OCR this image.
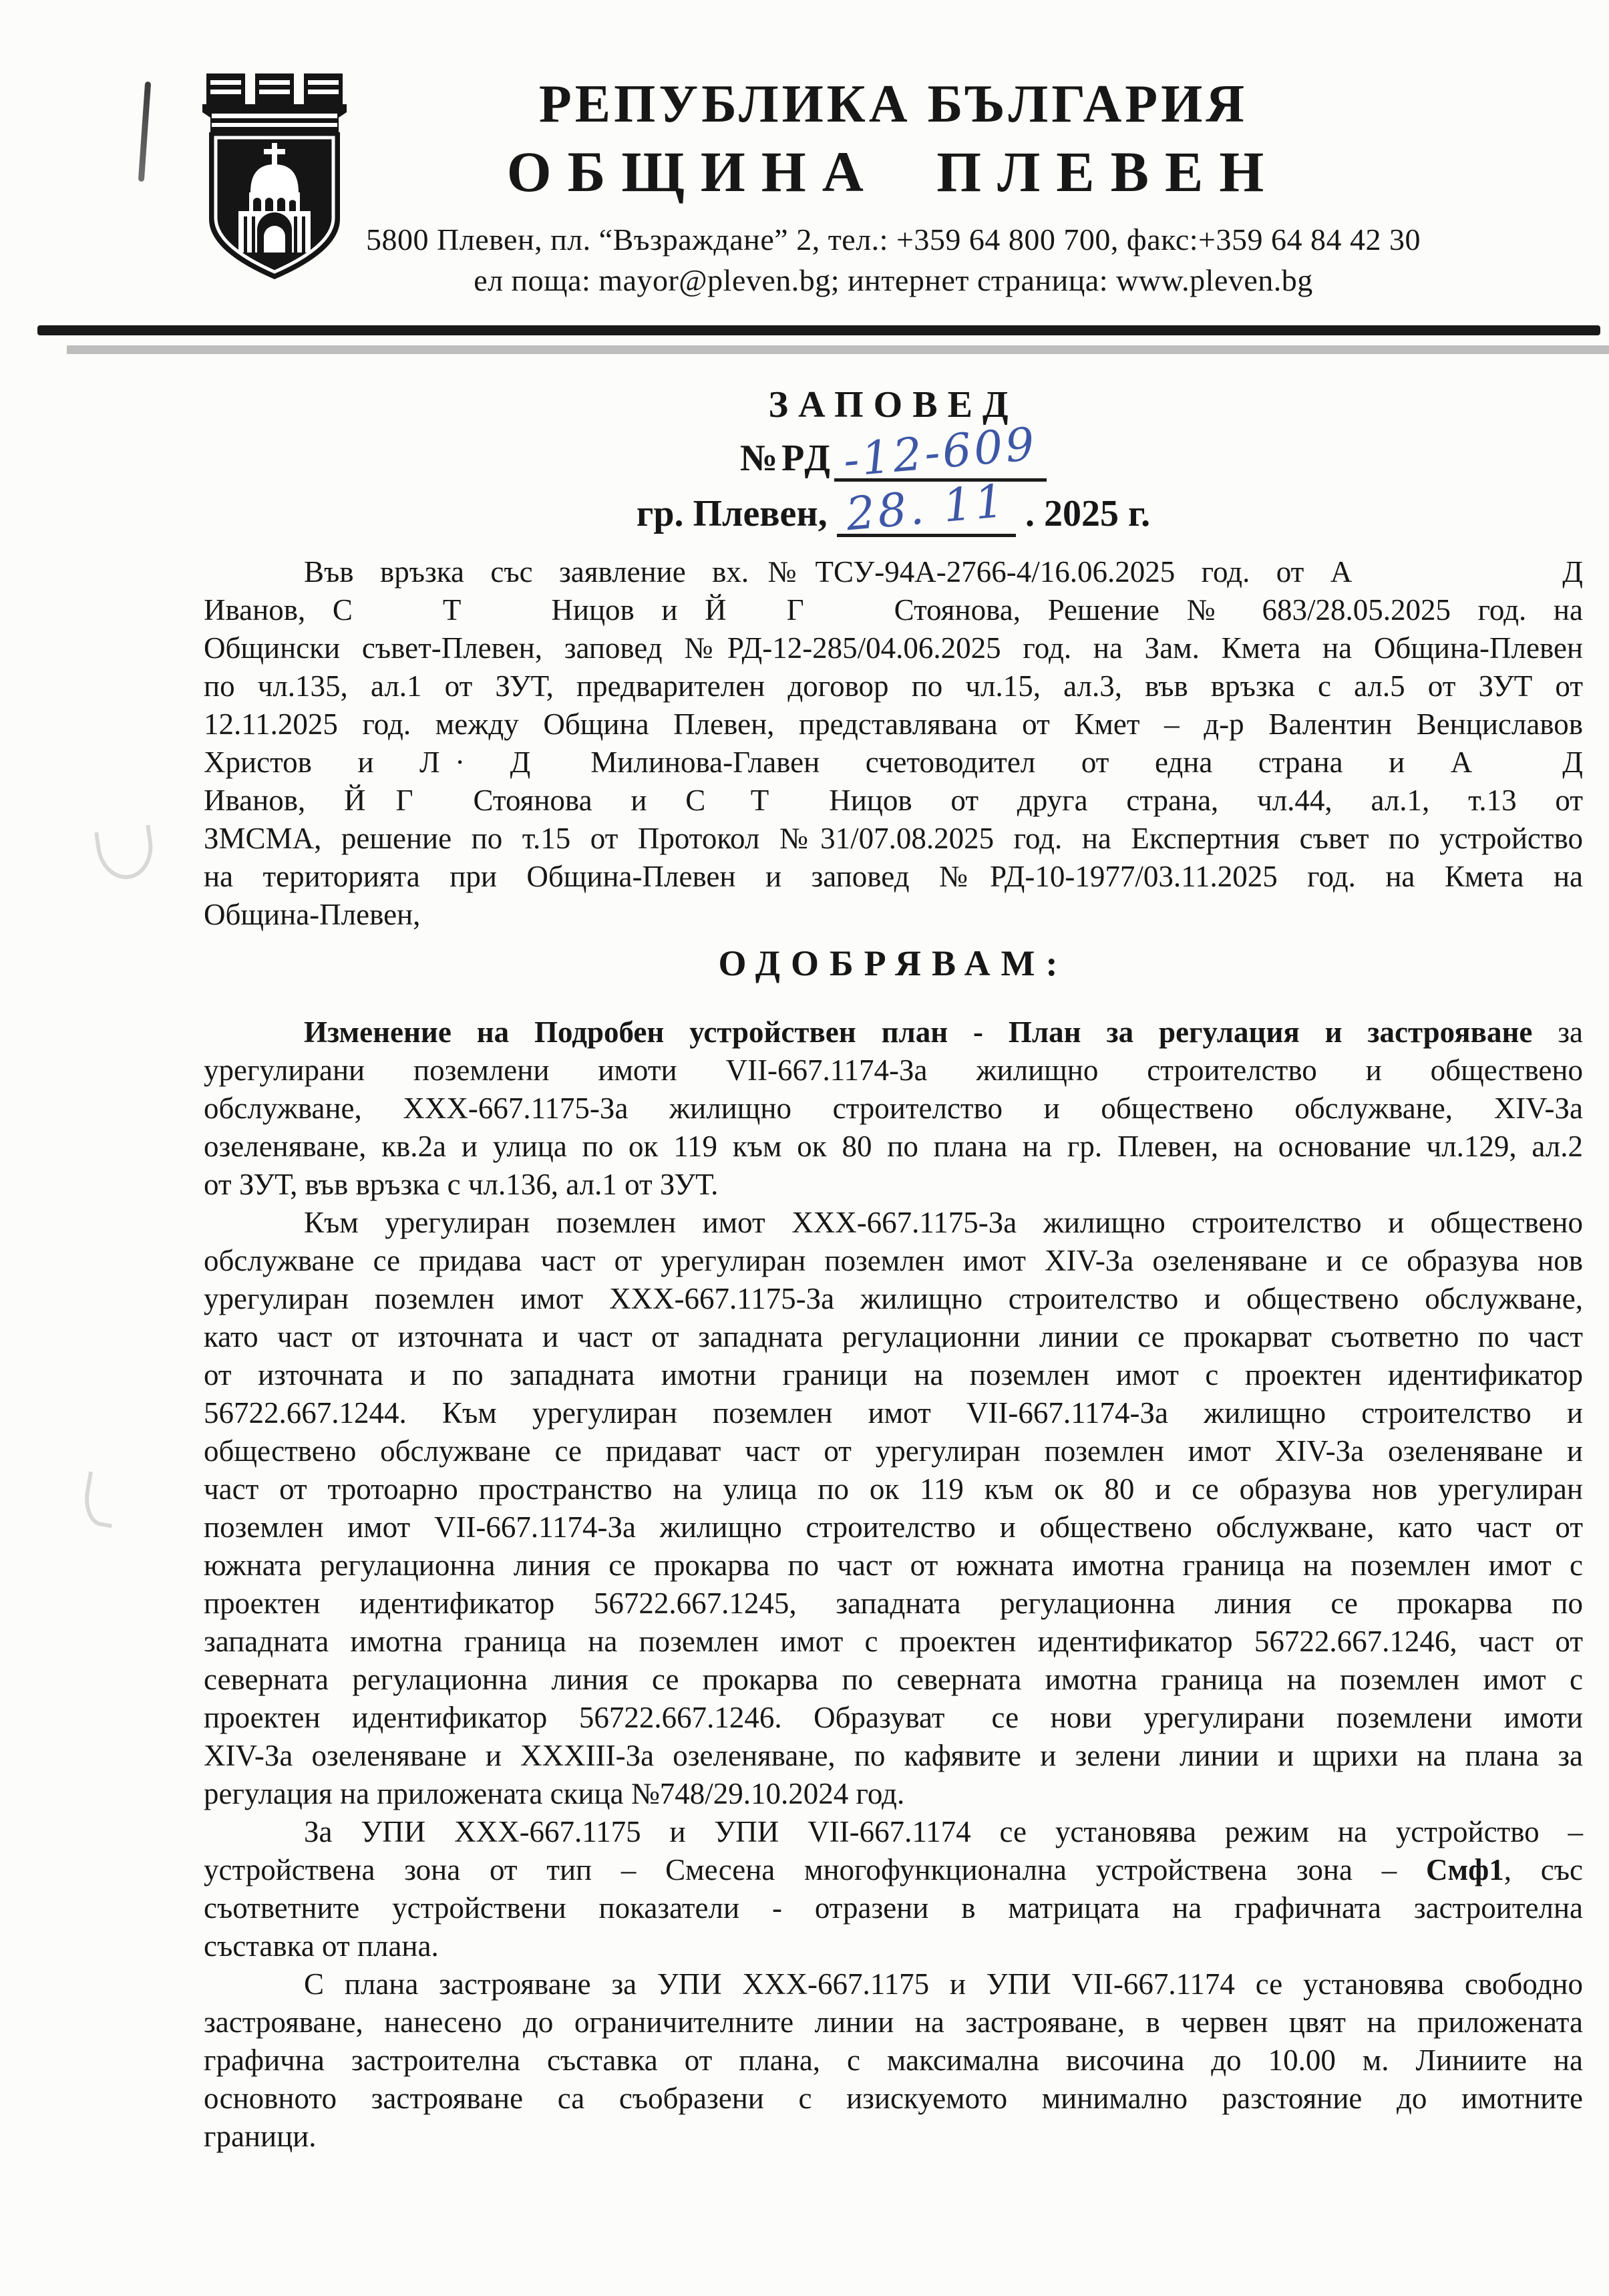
РЕПУБЛИКА БЪЛГАРИЯ
ОБЩИНА ПЛЕВЕН
5800 Плевен, пл. “Възраждане” 2, тел.: +359 64 800 700, факс:+359 64 84 42 30
ел поща: mayor@pleven.bg; интернет страница: www.pleven.bg
ЗАПОВЕД
№РД -12-609
гр. Плевен, 28. 11 . 2025 г.
Във връзка със заявление вх.№ТСУ-94А-2766-4/16.06.2025 год. от А       Д
Иванов, С   Т   Ницов и Й  Г   Стоянова, Решение № 683/28.05.2025 год. на
Общински съвет-Плевен, заповед №РД-12-285/04.06.2025 год. на Зам. Кмета на Община-Плевен
по чл.135, ал.1 от ЗУТ, предварителен договор по чл.15, ал.3, във връзка с ал.5 от ЗУТ от
12.11.2025 год. между Община Плевен, представлявана от Кмет – д-р Валентин Венциславов
Христов и Л ·  Д  Милинова-Главен счетоводител от една страна и А   Д
Иванов, Й  Г  Стоянова и С  Т   Ницов от друга страна, чл.44, ал.1, т.13 от
ЗМСМА, решение по т.15 от Протокол №31/07.08.2025 год. на Експертния съвет по устройство
на територията при Община-Плевен и заповед №РД-10-1977/03.11.2025 год. на Кмета на
Община-Плевен,
ОДОБРЯВАМ:
Изменение на Подробен устройствен план - План за регулация и застрояване за
урегулирани поземлени имоти VII-667.1174-За жилищно строителство и обществено
обслужване, XXX-667.1175-За жилищно строителство и обществено обслужване, XIV-За
озеленяване, кв.2а и улица по ок 119 към ок 80 по плана на гр. Плевен, на основание чл.129, ал.2
от ЗУТ, във връзка с чл.136, ал.1 от ЗУТ.
Към урегулиран поземлен имот XXX-667.1175-За жилищно строителство и обществено
обслужване се придава част от урегулиран поземлен имот XIV-За озеленяване и се образува нов
урегулиран поземлен имот XXX-667.1175-За жилищно строителство и обществено обслужване,
като част от източната и част от западната регулационни линии се прокарват съответно по част
от източната и по западната имотни граници на поземлен имот с проектен идентификатор
56722.667.1244. Към урегулиран поземлен имот VII-667.1174-За жилищно строителство и
обществено обслужване се придават част от урегулиран поземлен имот XIV-За озеленяване и
част от тротоарно пространство на улица по ок 119 към ок 80 и се образува нов урегулиран
поземлен имот VII-667.1174-За жилищно строителство и обществено обслужване, като част от
южната регулационна линия се прокарва по част от южната имотна граница на поземлен имот с
проектен идентификатор 56722.667.1245, западната регулационна линия се прокарва по
западната имотна граница на поземлен имот с проектен идентификатор 56722.667.1246, част от
северната регулационна линия се прокарва по северната имотна граница на поземлен имот с
проектен идентификатор 56722.667.1246. Образуват  се нови урегулирани поземлени имоти
XIV-За озеленяване и XXXIII-За озеленяване, по кафявите и зелени линии и щрихи на плана за
регулация на приложената скица №748/29.10.2024 год.
За УПИ XXX-667.1175 и УПИ VII-667.1174 се установява режим на устройство –
устройствена зона от тип – Смесена многофункционална устройствена зона – Смф1, със
съответните устройствени показатели - отразени в матрицата на графичната застроителна
съставка от плана.
С плана застрояване за УПИ XXX-667.1175 и УПИ VII-667.1174 се установява свободно
застрояване, нанесено до ограничителните линии на застрояване, в червен цвят на приложената
графична застроителна съставка от плана, с максимална височина до 10.00 м. Линиите на
основното застрояване са съобразени с изискуемото минимално разстояние до имотните
граници.
